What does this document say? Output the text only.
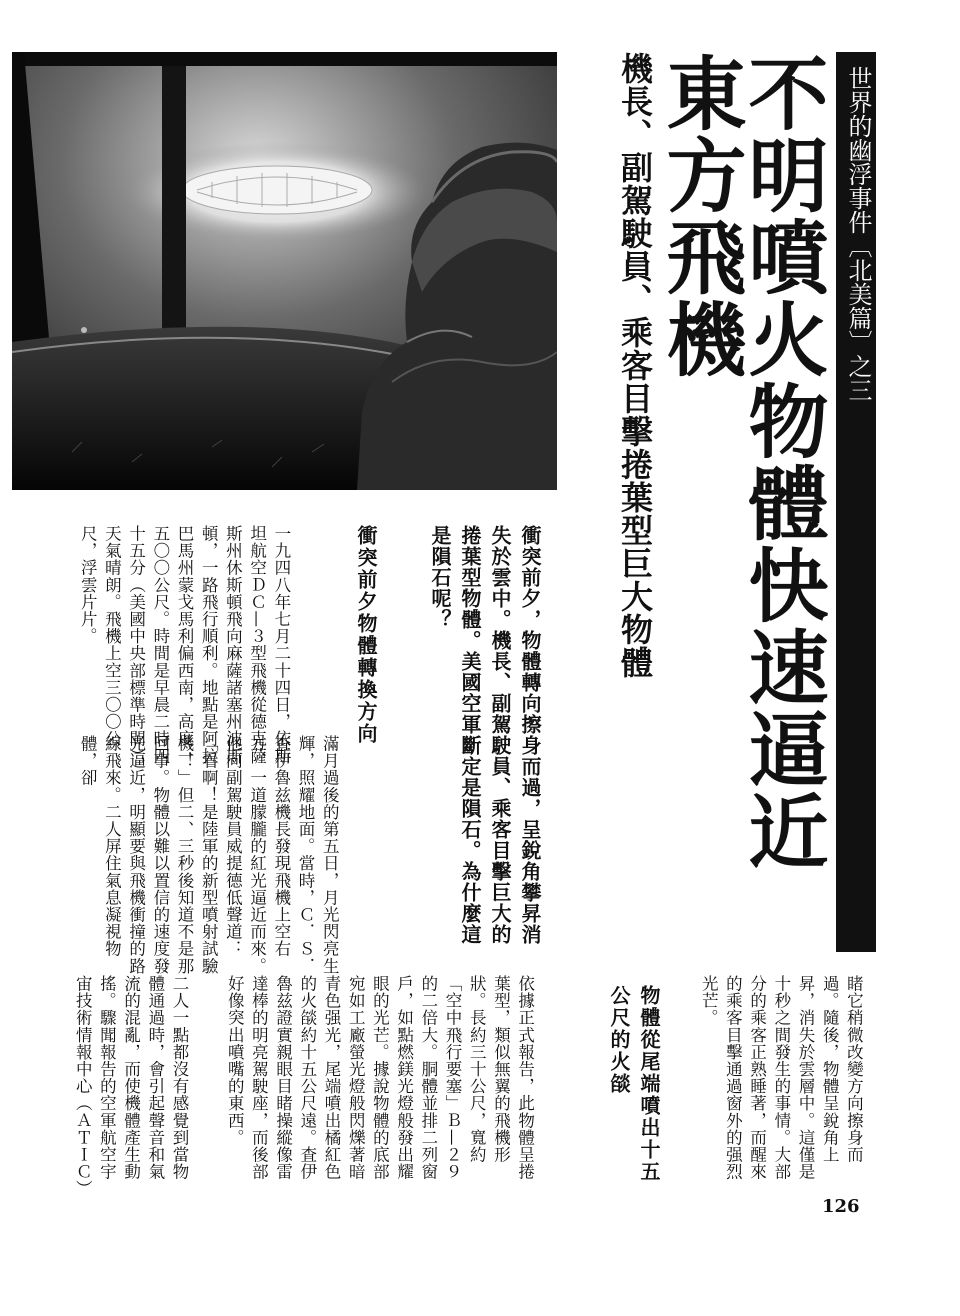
世界的幽浮事件〔北美篇〕之三
不明噴火物體快速逼近
東方飛機
機長、副駕駛員、乘客目擊捲葉型巨大物體
衝突前夕，物體轉向擦身而過，呈銳角攀昇消失於雲中。機長、副駕駛員、乘客目擊巨大的捲葉型物體。美國空軍斷定是隕石。為什麼這是隕石呢？
衝突前夕物體轉換方向
一九四八年七月二十四日，依斯坦航空ＤＣ—３型飛機從德克薩斯州休斯頓飛向麻薩諸塞州波斯頓，一路飛行順利。地點是阿拉巴馬州蒙戈馬利偏西南，高度一五〇〇公尺。時間是早晨二時四十五分（美國中央部標準時間），天氣晴朗。飛機上空三〇〇公尺，浮雲片片。
滿月過後的第五日，月光閃亮生輝，照耀地面。當時，Ｃ．Ｓ．査伊魯兹機長發現飛機上空右方，一道朦朧的紅光逼近而來。他向副駕駛員威提德低聲道：「看啊！是陸軍的新型噴射試驗機！」但二、三秒後知道不是那回事。物體以難以置信的速度發光逼近，明顯要與飛機衝撞的路線飛來。二人屏住氣息凝視物體，卻
睹它稍微改變方向擦身而過。隨後，物體呈銳角上昇，消失於雲層中。這僅是十秒之間發生的事情。大部分的乘客正熟睡著，而醒來的乘客目擊通過窗外的强烈光芒。
物體從尾端噴出十五公尺的火燄
依據正式報告，此物體呈捲葉型，類似無翼的飛機形狀。長約三十公尺，寬約「空中飛行要塞」Ｂ—２９的二倍大。胴體並排二列窗戶，如點燃鎂光燈般發出耀眼的光芒。據說物體的底部宛如工廠螢光燈般閃爍著暗青色强光，尾端噴出橘紅色的火燄約十五公尺遠。査伊魯兹證實親眼目睹操縱像雷達棒的明亮駕駛座，而後部好像突出噴嘴的東西。
二人一點都沒有感覺到當物體通過時，會引起聲音和氣流的混亂，而使機體產生動搖。驟聞報告的空軍航空宇宙技術情報中心（ＡＴＩＣ）
126
